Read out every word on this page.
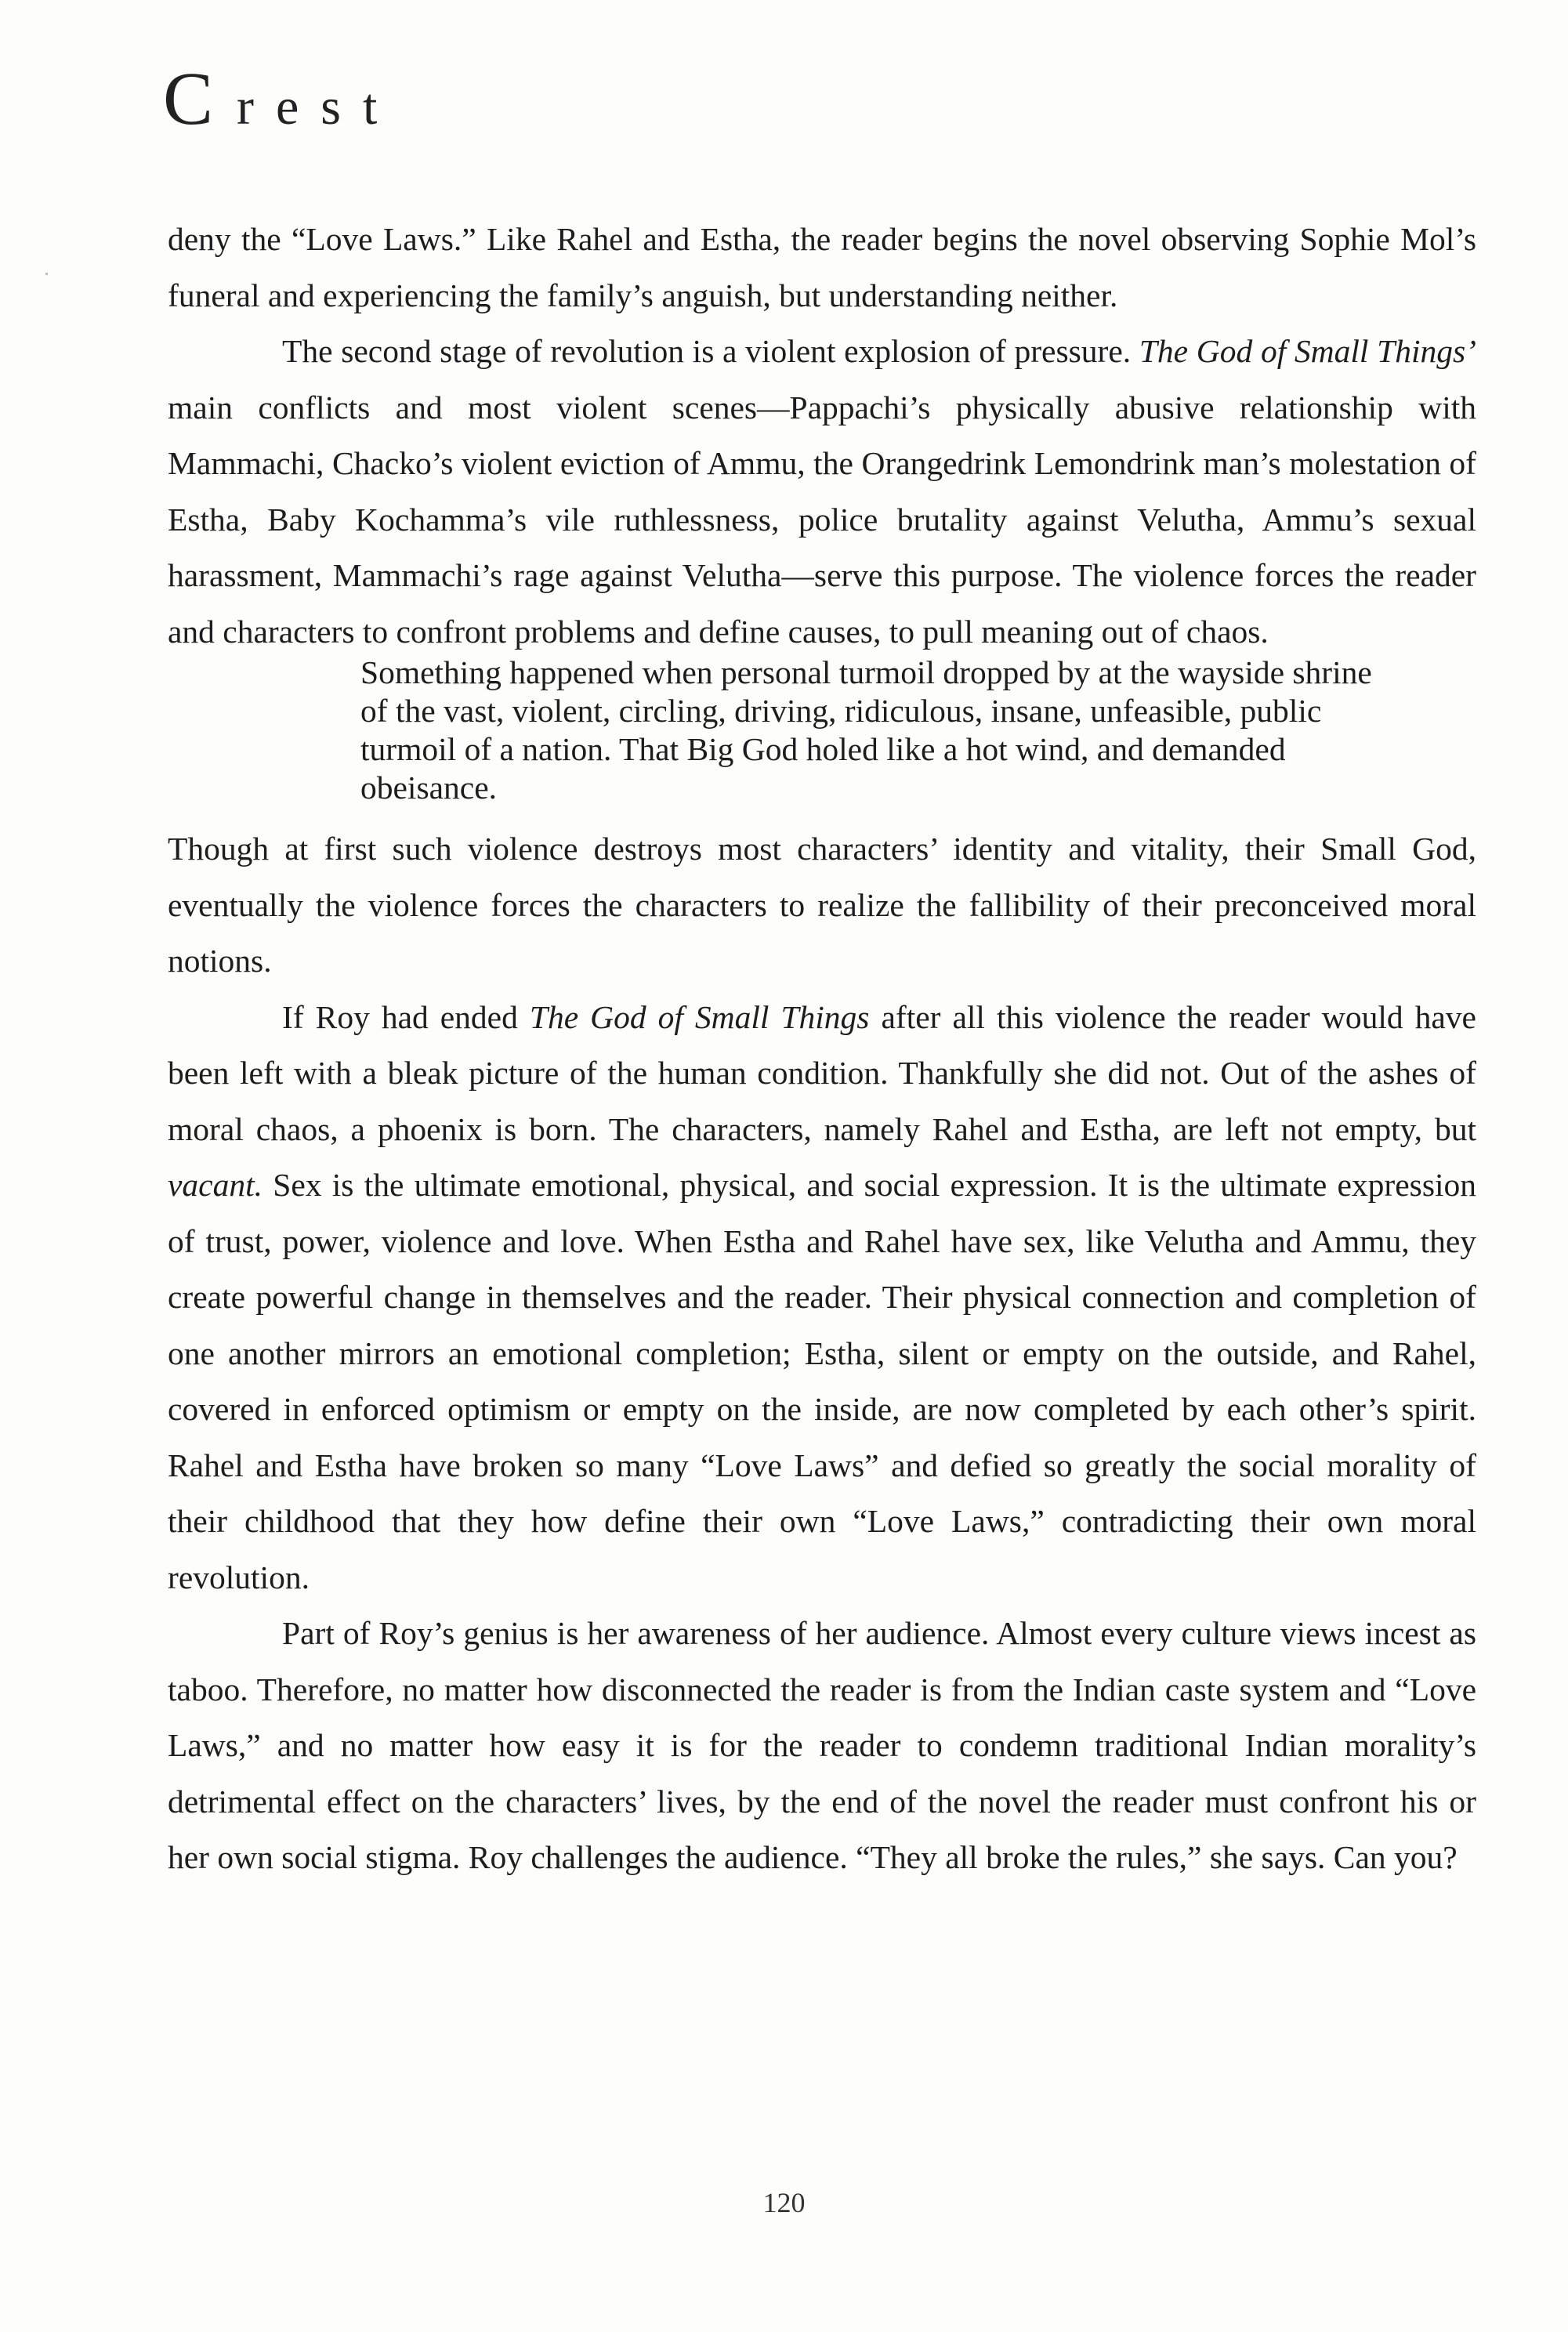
Crest

deny the “Love Laws.” Like Rahel and Estha, the reader begins the novel observing Sophie Mol’s funeral and experiencing the family’s anguish, but understanding neither.

The second stage of revolution is a violent explosion of pressure. The God of Small Things’ main conflicts and most violent scenes—Pappachi’s physically abusive relationship with Mammachi, Chacko’s violent eviction of Ammu, the Orangedrink Lemondrink man’s molestation of Estha, Baby Kochamma’s vile ruthlessness, police brutality against Velutha, Ammu’s sexual harassment, Mammachi’s rage against Velutha—serve this purpose. The violence forces the reader and characters to confront problems and define causes, to pull meaning out of chaos.

Something happened when personal turmoil dropped by at the wayside shrine of the vast, violent, circling, driving, ridiculous, insane, unfeasible, public turmoil of a nation. That Big God holed like a hot wind, and demanded obeisance.

Though at first such violence destroys most characters’ identity and vitality, their Small God, eventually the violence forces the characters to realize the fallibility of their preconceived moral notions.

If Roy had ended The God of Small Things after all this violence the reader would have been left with a bleak picture of the human condition. Thankfully she did not. Out of the ashes of moral chaos, a phoenix is born. The characters, namely Rahel and Estha, are left not empty, but vacant. Sex is the ultimate emotional, physical, and social expression. It is the ultimate expression of trust, power, violence and love. When Estha and Rahel have sex, like Velutha and Ammu, they create powerful change in themselves and the reader. Their physical connection and completion of one another mirrors an emotional completion; Estha, silent or empty on the outside, and Rahel, covered in enforced optimism or empty on the inside, are now completed by each other’s spirit. Rahel and Estha have broken so many “Love Laws” and defied so greatly the social morality of their childhood that they how define their own “Love Laws,” contradicting their own moral revolution.

Part of Roy’s genius is her awareness of her audience. Almost every culture views incest as taboo. Therefore, no matter how disconnected the reader is from the Indian caste system and “Love Laws,” and no matter how easy it is for the reader to condemn traditional Indian morality’s detrimental effect on the characters’ lives, by the end of the novel the reader must confront his or her own social stigma. Roy challenges the audience. “They all broke the rules,” she says. Can you?

120
